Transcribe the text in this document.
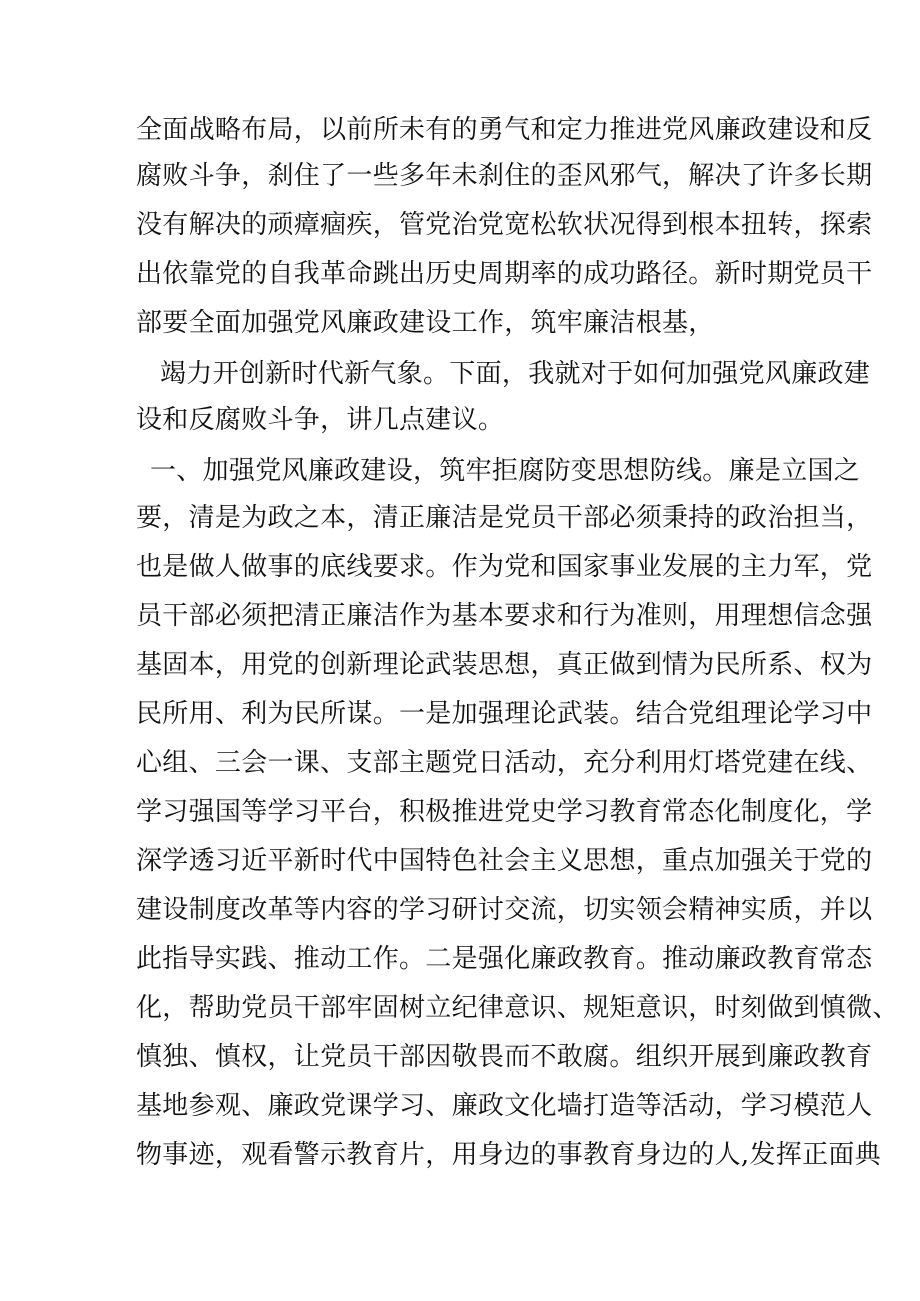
全面战略布局，以前所未有的勇气和定力推进党风廉政建设和反
腐败斗争，刹住了一些多年未刹住的歪风邪气，解决了许多长期
没有解决的顽瘴痼疾，管党治党宽松软状况得到根本扭转，探索
出依靠党的自我革命跳出历史周期率的成功路径。新时期党员干
部要全面加强党风廉政建设工作，筑牢廉洁根基，
竭力开创新时代新气象。下面，我就对于如何加强党风廉政建
设和反腐败斗争，讲几点建议。
一、加强党风廉政建设，筑牢拒腐防变思想防线。廉是立国之
要，清是为政之本，清正廉洁是党员干部必须秉持的政治担当，
也是做人做事的底线要求。作为党和国家事业发展的主力军，党
员干部必须把清正廉洁作为基本要求和行为准则，用理想信念强
基固本，用党的创新理论武装思想，真正做到情为民所系、权为
民所用、利为民所谋。一是加强理论武装。结合党组理论学习中
心组、三会一课、支部主题党日活动，充分利用灯塔党建在线、
学习强国等学习平台，积极推进党史学习教育常态化制度化，学
深学透习近平新时代中国特色社会主义思想，重点加强关于党的
建设制度改革等内容的学习研讨交流，切实领会精神实质，并以
此指导实践、推动工作。二是强化廉政教育。推动廉政教育常态
化，帮助党员干部牢固树立纪律意识、规矩意识，时刻做到慎微、
慎独、慎权，让党员干部因敬畏而不敢腐。组织开展到廉政教育
基地参观、廉政党课学习、廉政文化墙打造等活动，学习模范人
物事迹，观看警示教育片，用身边的事教育身边的人,发挥正面典
